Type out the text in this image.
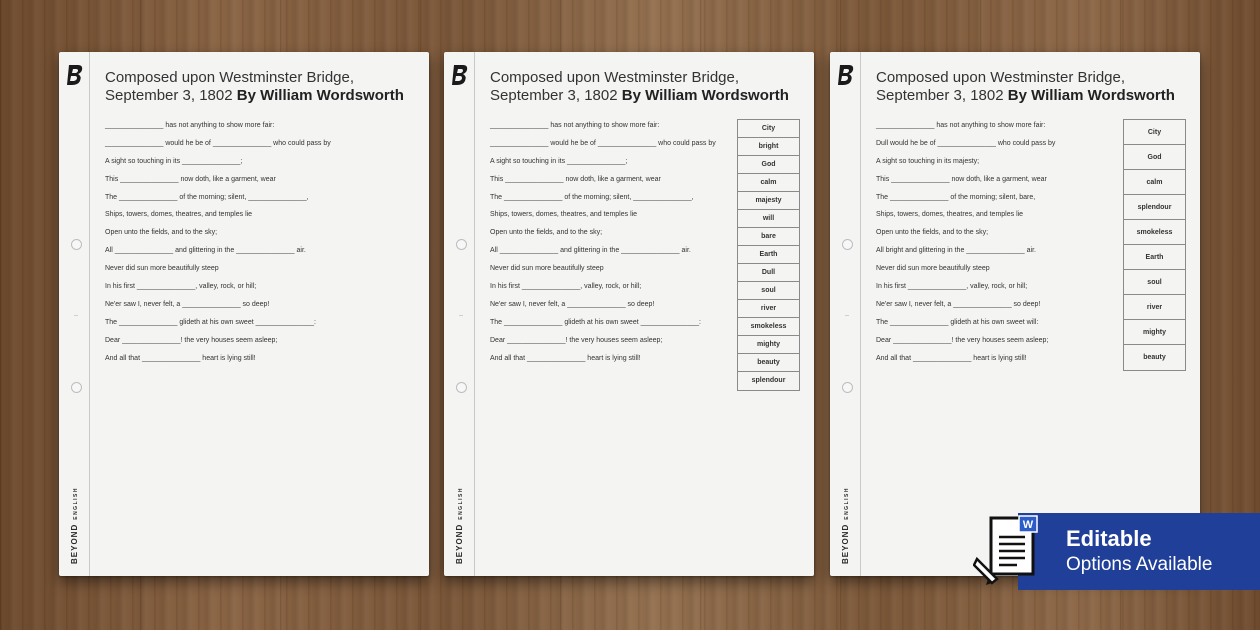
BEYONDENGLISH
Composed upon Westminster Bridge, September 3, 1802 By William Wordsworth
_______________ has not anything to show more fair:
_______________ would he be of _______________ who could pass by
A sight so touching in its _______________;
This _______________ now doth, like a garment, wear
The _______________ of the morning; silent, _______________,
Ships, towers, domes, theatres, and temples lie
Open unto the fields, and to the sky;
All _______________ and glittering in the _______________ air.
Never did sun more beautifully steep
In his first _______________, valley, rock, or hill;
Ne'er saw I, never felt, a _______________ so deep!
The _______________ glideth at his own sweet _______________:
Dear _______________! the very houses seem asleep;
And all that _______________ heart is lying still!
BEYONDENGLISH
Composed upon Westminster Bridge, September 3, 1802 By William Wordsworth
_______________ has not anything to show more fair:
_______________ would he be of _______________ who could pass by
A sight so touching in its _______________;
This _______________ now doth, like a garment, wear
The _______________ of the morning; silent, _______________,
Ships, towers, domes, theatres, and temples lie
Open unto the fields, and to the sky;
All _______________ and glittering in the _______________ air.
Never did sun more beautifully steep
In his first _______________, valley, rock, or hill;
Ne'er saw I, never felt, a _______________ so deep!
The _______________ glideth at his own sweet _______________:
Dear _______________! the very houses seem asleep;
And all that _______________ heart is lying still!
City
bright
God
calm
majesty
will
bare
Earth
Dull
soul
river
smokeless
mighty
beauty
splendour
BEYONDENGLISH
Composed upon Westminster Bridge, September 3, 1802 By William Wordsworth
_______________ has not anything to show more fair:
Dull would he be of _______________ who could pass by
A sight so touching in its majesty;
This _______________ now doth, like a garment, wear
The _______________ of the morning; silent, bare,
Ships, towers, domes, theatres, and temples lie
Open unto the fields, and to the sky;
All bright and glittering in the _______________ air.
Never did sun more beautifully steep
In his first _______________, valley, rock, or hill;
Ne'er saw I, never felt, a _______________ so deep!
The _______________ glideth at his own sweet will:
Dear _______________! the very houses seem asleep;
And all that _______________ heart is lying still!
City
God
calm
splendour
smokeless
Earth
soul
river
mighty
beauty
W
Editable
Options Available
